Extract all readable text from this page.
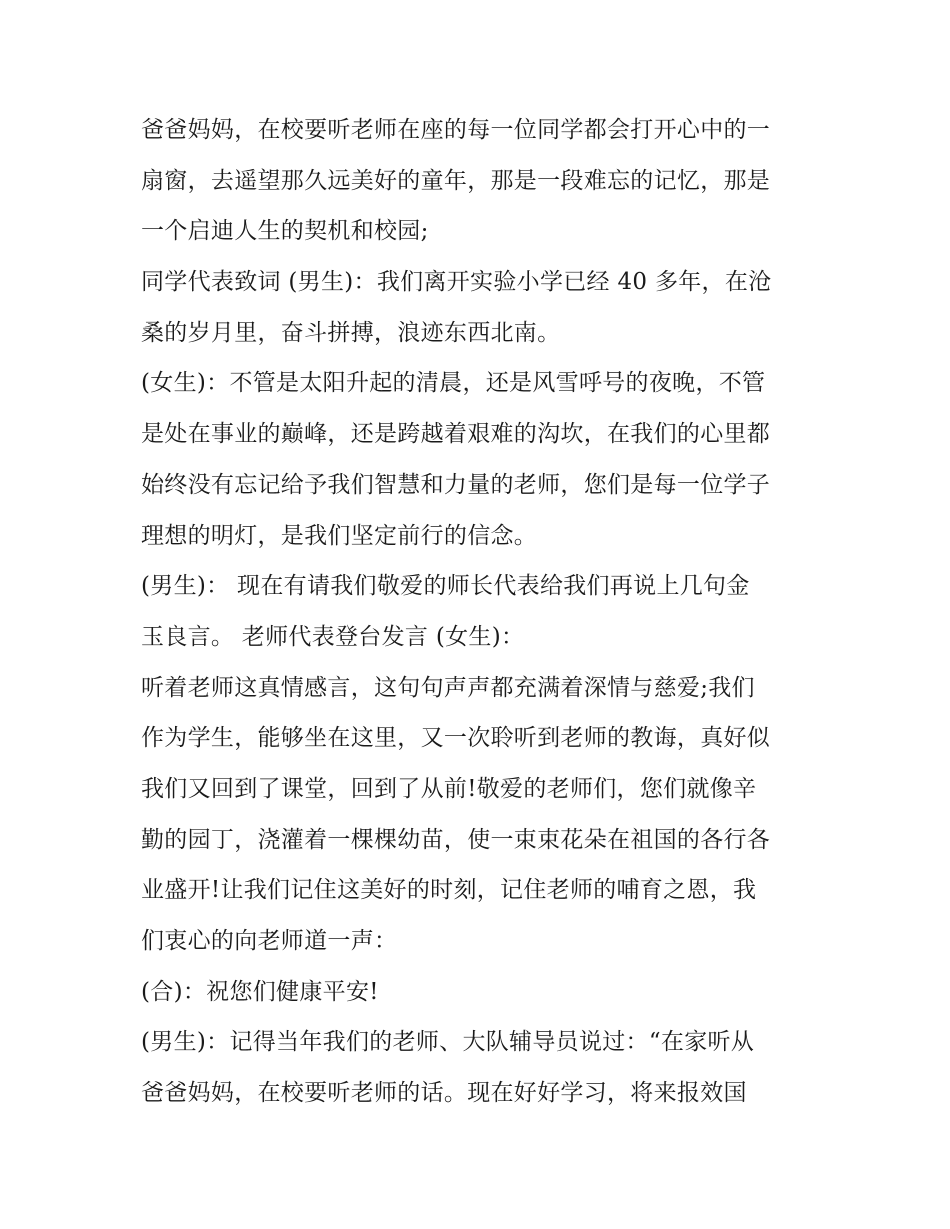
爸爸妈妈，在校要听老师在座的每一位同学都会打开心中的一
扇窗，去遥望那久远美好的童年，那是一段难忘的记忆，那是
一个启迪人生的契机和校园;
同学代表致词 (男生)：我们离开实验小学已经 40 多年，在沧
桑的岁月里，奋斗拼搏，浪迹东西北南。
(女生)：不管是太阳升起的清晨，还是风雪呼号的夜晚，不管
是处在事业的巅峰，还是跨越着艰难的沟坎，在我们的心里都
始终没有忘记给予我们智慧和力量的老师，您们是每一位学子
理想的明灯，是我们坚定前行的信念。
(男生)： 现在有请我们敬爱的师长代表给我们再说上几句金
玉良言。 老师代表登台发言 (女生)：
听着老师这真情感言，这句句声声都充满着深情与慈爱;我们
作为学生，能够坐在这里，又一次聆听到老师的教诲，真好似
我们又回到了课堂，回到了从前!敬爱的老师们，您们就像辛
勤的园丁，浇灌着一棵棵幼苗，使一束束花朵在祖国的各行各
业盛开!让我们记住这美好的时刻，记住老师的哺育之恩，我
们衷心的向老师道一声：
(合)：祝您们健康平安!
(男生)：记得当年我们的老师、大队辅导员说过：“在家听从
爸爸妈妈，在校要听老师的话。现在好好学习，将来报效国
